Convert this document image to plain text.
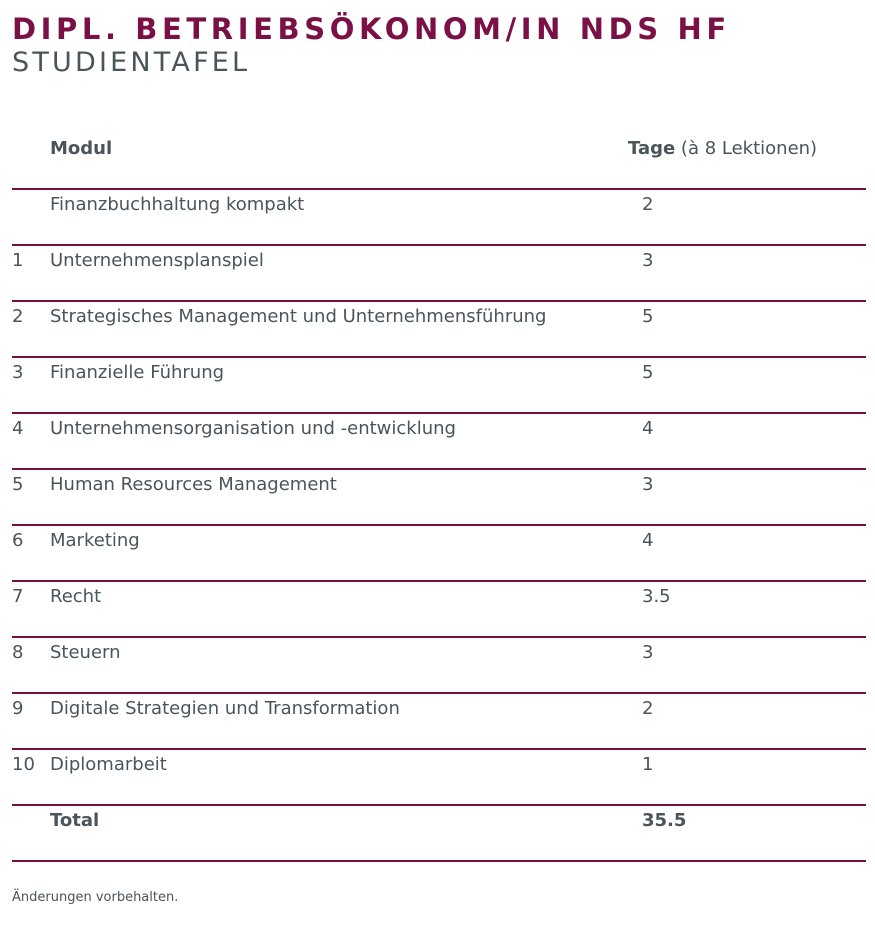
DIPL. BETRIEBSÖKONOM/IN NDS HF
STUDIENTAFEL
Modul	Tage (à 8 Lektionen)
Finanzbuchhaltung kompakt	2
1 Unternehmensplanspiel	3
2 Strategisches Management und Unternehmensführung	5
3 Finanzielle Führung	5
4 Unternehmensorganisation und -entwicklung	4
5 Human Resources Management	3
6 Marketing	4
7 Recht	3.5
8 Steuern	3
9 Digitale Strategien und Transformation	2
10 Diplomarbeit	1
Total	35.5
Änderungen vorbehalten.
